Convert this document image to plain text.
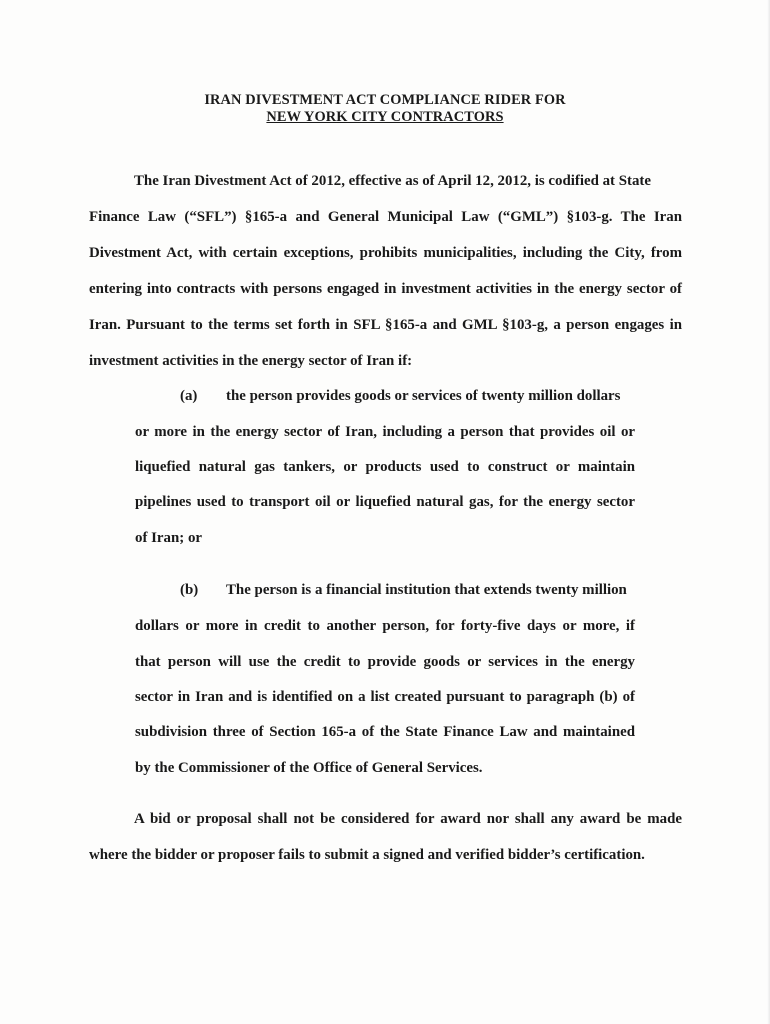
IRAN DIVESTMENT ACT COMPLIANCE RIDER FOR
NEW YORK CITY CONTRACTORS
The Iran Divestment Act of 2012, effective as of April 12, 2012, is codified at State
Finance Law (“SFL”) §165-a and General Municipal Law (“GML”) §103-g. The Iran
Divestment Act, with certain exceptions, prohibits municipalities, including the City, from
entering into contracts with persons engaged in investment activities in the energy sector of
Iran. Pursuant to the terms set forth in SFL §165-a and GML §103-g, a person engages in
investment activities in the energy sector of Iran if:
(a) the person provides goods or services of twenty million dollars
or more in the energy sector of Iran, including a person that provides oil or
liquefied natural gas tankers, or products used to construct or maintain
pipelines used to transport oil or liquefied natural gas, for the energy sector
of Iran; or
(b) The person is a financial institution that extends twenty million
dollars or more in credit to another person, for forty-five days or more, if
that person will use the credit to provide goods or services in the energy
sector in Iran and is identified on a list created pursuant to paragraph (b) of
subdivision three of Section 165-a of the State Finance Law and maintained
by the Commissioner of the Office of General Services.
A bid or proposal shall not be considered for award nor shall any award be made
where the bidder or proposer fails to submit a signed and verified bidder’s certification.
